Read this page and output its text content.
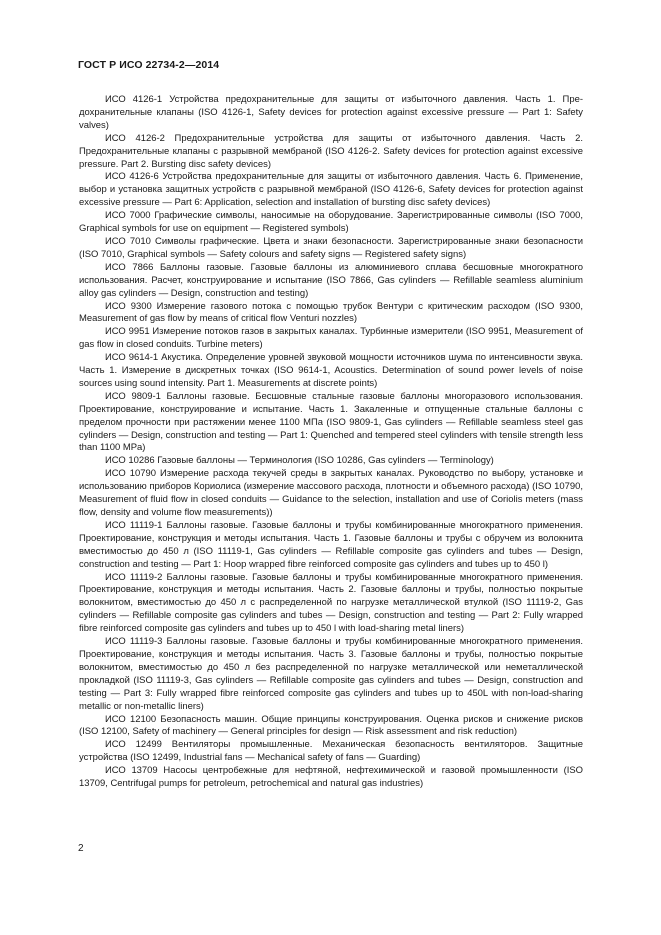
ГОСТ Р ИСО 22734-2—2014

ИСО 4126-1 Устройства предохранительные для защиты от избыточного давления. Часть 1. Предохранительные клапаны (ISO 4126-1, Safety devices for protection against excessive pressure — Part 1: Safety valves)

ИСО 4126-2 Предохранительные устройства для защиты от избыточного давления. Часть 2. Предохранительные клапаны с разрывной мембраной (ISO 4126-2. Safety devices for protection against excessive pressure. Part 2. Bursting disc safety devices)

ИСО 4126-6 Устройства предохранительные для защиты от избыточного давления. Часть 6. Применение, выбор и установка защитных устройств с разрывной мембраной (ISO 4126-6, Safety devices for protection against excessive pressure — Part 6: Application, selection and installation of bursting disc safety devices)

ИСО 7000 Графические символы, наносимые на оборудование. Зарегистрированные символы (ISO 7000, Graphical symbols for use on equipment — Registered symbols)

ИСО 7010 Символы графические. Цвета и знаки безопасности. Зарегистрированные знаки безопасности (ISO 7010, Graphical symbols — Safety colours and safety signs — Registered safety signs)

ИСО 7866 Баллоны газовые. Газовые баллоны из алюминиевого сплава бесшовные многократного использования. Расчет, конструирование и испытание (ISO 7866, Gas cylinders — Refillable seamless aluminium alloy gas cylinders — Design, construction and testing)

ИСО 9300 Измерение газового потока с помощью трубок Вентури с критическим расходом (ISO 9300, Measurement of gas flow by means of critical flow Venturi nozzles)

ИСО 9951 Измерение потоков газов в закрытых каналах. Турбинные измерители (ISO 9951, Measurement of gas flow in closed conduits. Turbine meters)

ИСО 9614-1 Акустика. Определение уровней звуковой мощности источников шума по интенсивности звука. Часть 1. Измерение в дискретных точках (ISO 9614-1, Acoustics. Determination of sound power levels of noise sources using sound intensity. Part 1. Measurements at discrete points)

ИСО 9809-1 Баллоны газовые. Бесшовные стальные газовые баллоны многоразового использования. Проектирование, конструирование и испытание. Часть 1. Закаленные и отпущенные стальные баллоны с пределом прочности при растяжении менее 1100 МПа (ISO 9809-1, Gas cylinders — Refillable seamless steel gas cylinders — Design, construction and testing — Part 1: Quenched and tempered steel cylinders with tensile strength less than 1100 MPa)

ИСО 10286 Газовые баллоны — Терминология (ISO 10286, Gas cylinders — Terminology)

ИСО 10790 Измерение расхода текучей среды в закрытых каналах. Руководство по выбору, установке и использованию приборов Кориолиса (измерение массового расхода, плотности и объемного расхода) (ISO 10790, Measurement of fluid flow in closed conduits — Guidance to the selection, installation and use of Coriolis meters (mass flow, density and volume flow measurements))

ИСО 11119-1 Баллоны газовые. Газовые баллоны и трубы комбинированные многократного применения. Проектирование, конструкция и методы испытания. Часть 1. Газовые баллоны и трубы с обручем из волокнита вместимостью до 450 л (ISO 11119-1, Gas cylinders — Refillable composite gas cylinders and tubes — Design, construction and testing — Part 1: Hoop wrapped fibre reinforced composite gas cylinders and tubes up to 450 l)

ИСО 11119-2 Баллоны газовые. Газовые баллоны и трубы комбинированные многократного применения. Проектирование, конструкция и методы испытания. Часть 2. Газовые баллоны и трубы, полностью покрытые волокнитом, вместимостью до 450 л с распределенной по нагрузке металлической втулкой (ISO 11119-2, Gas cylinders — Refillable composite gas cylinders and tubes — Design, construction and testing — Part 2: Fully wrapped fibre reinforced composite gas cylinders and tubes up to 450 l with load-sharing metal liners)

ИСО 11119-3 Баллоны газовые. Газовые баллоны и трубы комбинированные многократного применения. Проектирование, конструкция и методы испытания. Часть 3. Газовые баллоны и трубы, полностью покрытые волокнитом, вместимостью до 450 л без распределенной по нагрузке металлической или неметаллической прокладкой (ISO 11119-3, Gas cylinders — Refillable composite gas cylinders and tubes — Design, construction and testing — Part 3: Fully wrapped fibre reinforced composite gas cylinders and tubes up to 450L with non-load-sharing metallic or non-metallic liners)

ИСО 12100 Безопасность машин. Общие принципы конструирования. Оценка рисков и снижение рисков (ISO 12100, Safety of machinery — General principles for design — Risk assessment and risk reduction)

ИСО 12499 Вентиляторы промышленные. Механическая безопасность вентиляторов. Защитные устройства (ISO 12499, Industrial fans — Mechanical safety of fans — Guarding)

ИСО 13709 Насосы центробежные для нефтяной, нефтехимической и газовой промышленности (ISO 13709, Centrifugal pumps for petroleum, petrochemical and natural gas industries)

2
